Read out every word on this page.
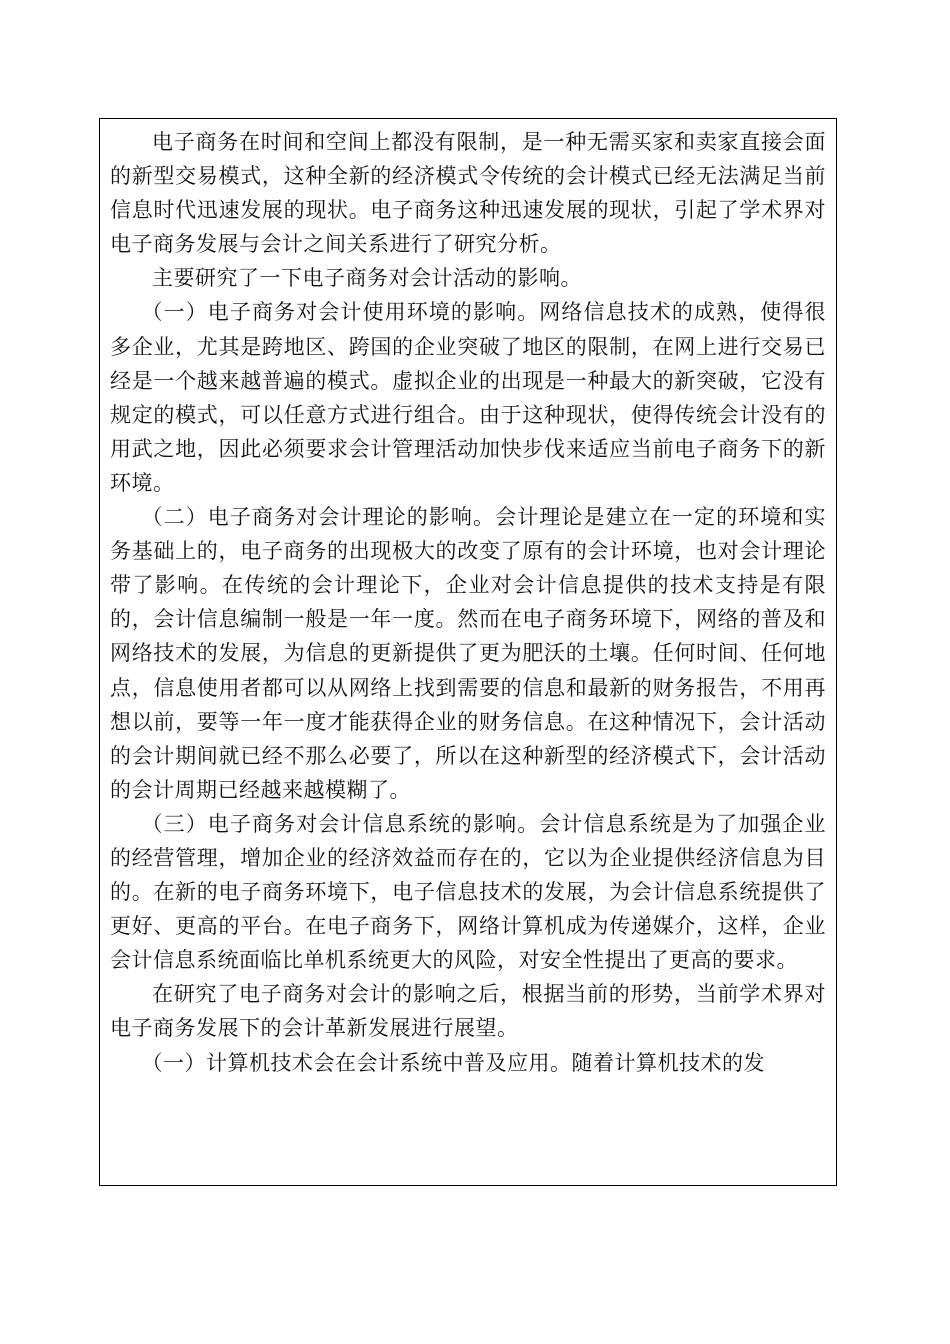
电子商务在时间和空间上都没有限制，是一种无需买家和卖家直接会面的新型交易模式，这种全新的经济模式令传统的会计模式已经无法满足当前信息时代迅速发展的现状。电子商务这种迅速发展的现状，引起了学术界对电子商务发展与会计之间关系进行了研究分析。

主要研究了一下电子商务对会计活动的影响。

（一）电子商务对会计使用环境的影响。网络信息技术的成熟，使得很多企业，尤其是跨地区、跨国的企业突破了地区的限制，在网上进行交易已经是一个越来越普遍的模式。虚拟企业的出现是一种最大的新突破，它没有规定的模式，可以任意方式进行组合。由于这种现状，使得传统会计没有的用武之地，因此必须要求会计管理活动加快步伐来适应当前电子商务下的新环境。

（二）电子商务对会计理论的影响。会计理论是建立在一定的环境和实务基础上的，电子商务的出现极大的改变了原有的会计环境，也对会计理论带了影响。在传统的会计理论下，企业对会计信息提供的技术支持是有限的，会计信息编制一般是一年一度。然而在电子商务环境下，网络的普及和网络技术的发展，为信息的更新提供了更为肥沃的土壤。任何时间、任何地点，信息使用者都可以从网络上找到需要的信息和最新的财务报告，不用再想以前，要等一年一度才能获得企业的财务信息。在这种情况下，会计活动的会计期间就已经不那么必要了，所以在这种新型的经济模式下，会计活动的会计周期已经越来越模糊了。

（三）电子商务对会计信息系统的影响。会计信息系统是为了加强企业的经营管理，增加企业的经济效益而存在的，它以为企业提供经济信息为目的。在新的电子商务环境下，电子信息技术的发展，为会计信息系统提供了更好、更高的平台。在电子商务下，网络计算机成为传递媒介，这样，企业会计信息系统面临比单机系统更大的风险，对安全性提出了更高的要求。

在研究了电子商务对会计的影响之后，根据当前的形势，当前学术界对电子商务发展下的会计革新发展进行展望。

（一）计算机技术会在会计系统中普及应用。随着计算机技术的发
